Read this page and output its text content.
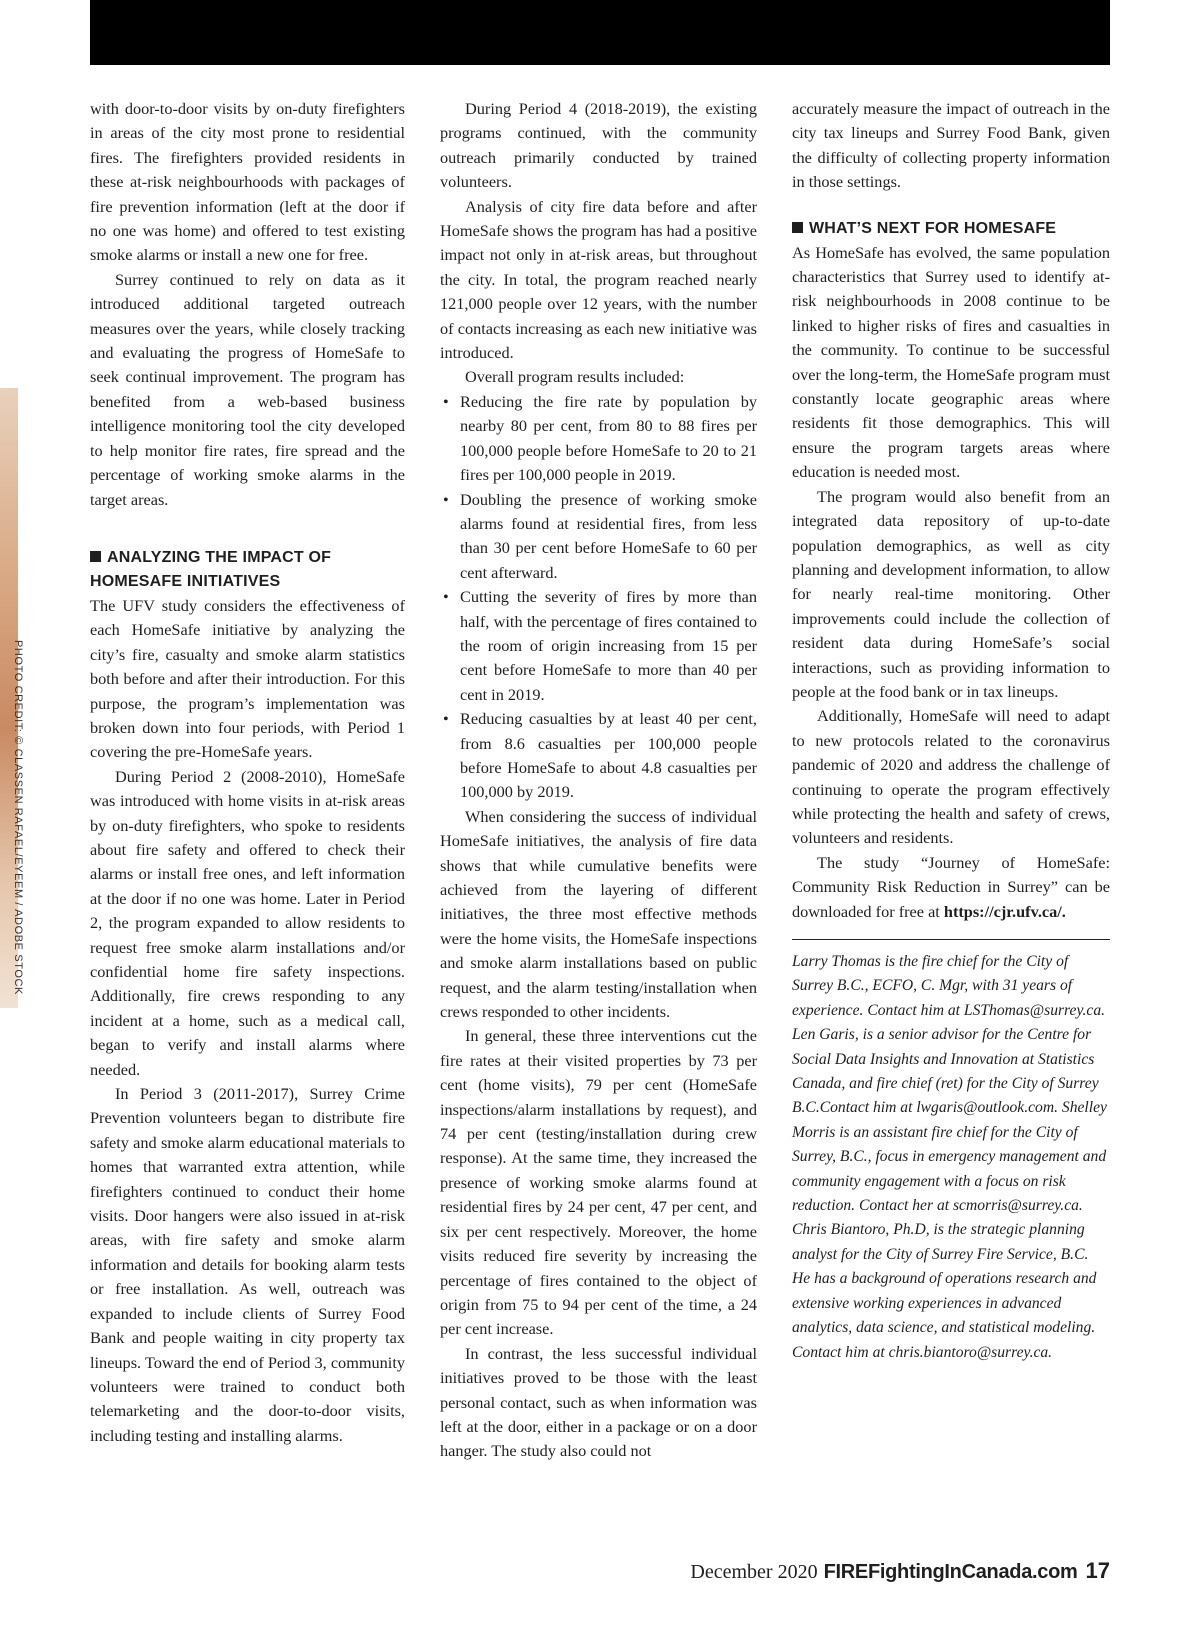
PHOTO CREDIT: © CLASSEN RAFAEL/EYEEM / ADOBE STOCK

with door-to-door visits by on-duty firefighters in areas of the city most prone to residential fires. The firefighters provided residents in these at-risk neighbourhoods with packages of fire prevention information (left at the door if no one was home) and offered to test existing smoke alarms or install a new one for free.

Surrey continued to rely on data as it introduced additional targeted outreach measures over the years, while closely tracking and evaluating the progress of HomeSafe to seek continual improvement. The program has benefited from a web-based business intelligence monitoring tool the city developed to help monitor fire rates, fire spread and the percentage of working smoke alarms in the target areas.

ANALYZING THE IMPACT OF HOMESAFE INITIATIVES

The UFV study considers the effectiveness of each HomeSafe initiative by analyzing the city’s fire, casualty and smoke alarm statistics both before and after their introduction. For this purpose, the program’s implementation was broken down into four periods, with Period 1 covering the pre-HomeSafe years.

During Period 2 (2008-2010), HomeSafe was introduced with home visits in at-risk areas by on-duty firefighters, who spoke to residents about fire safety and offered to check their alarms or install free ones, and left information at the door if no one was home. Later in Period 2, the program expanded to allow residents to request free smoke alarm installations and/or confidential home fire safety inspections. Additionally, fire crews responding to any incident at a home, such as a medical call, began to verify and install alarms where needed.

In Period 3 (2011-2017), Surrey Crime Prevention volunteers began to distribute fire safety and smoke alarm educational materials to homes that warranted extra attention, while firefighters continued to conduct their home visits. Door hangers were also issued in at-risk areas, with fire safety and smoke alarm information and details for booking alarm tests or free installation. As well, outreach was expanded to include clients of Surrey Food Bank and people waiting in city property tax lineups. Toward the end of Period 3, community volunteers were trained to conduct both telemarketing and the door-to-door visits, including testing and installing alarms.

During Period 4 (2018-2019), the existing programs continued, with the community outreach primarily conducted by trained volunteers.

Analysis of city fire data before and after HomeSafe shows the program has had a positive impact not only in at-risk areas, but throughout the city. In total, the program reached nearly 121,000 people over 12 years, with the number of contacts increasing as each new initiative was introduced.

Overall program results included:

• Reducing the fire rate by population by nearby 80 per cent, from 80 to 88 fires per 100,000 people before HomeSafe to 20 to 21 fires per 100,000 people in 2019.
• Doubling the presence of working smoke alarms found at residential fires, from less than 30 per cent before HomeSafe to 60 per cent afterward.
• Cutting the severity of fires by more than half, with the percentage of fires contained to the room of origin increasing from 15 per cent before HomeSafe to more than 40 per cent in 2019.
• Reducing casualties by at least 40 per cent, from 8.6 casualties per 100,000 people before HomeSafe to about 4.8 casualties per 100,000 by 2019.

When considering the success of individual HomeSafe initiatives, the analysis of fire data shows that while cumulative benefits were achieved from the layering of different initiatives, the three most effective methods were the home visits, the HomeSafe inspections and smoke alarm installations based on public request, and the alarm testing/installation when crews responded to other incidents.

In general, these three interventions cut the fire rates at their visited properties by 73 per cent (home visits), 79 per cent (HomeSafe inspections/alarm installations by request), and 74 per cent (testing/installation during crew response). At the same time, they increased the presence of working smoke alarms found at residential fires by 24 per cent, 47 per cent, and six per cent respectively. Moreover, the home visits reduced fire severity by increasing the percentage of fires contained to the object of origin from 75 to 94 per cent of the time, a 24 per cent increase.

In contrast, the less successful individual initiatives proved to be those with the least personal contact, such as when information was left at the door, either in a package or on a door hanger. The study also could not

accurately measure the impact of outreach in the city tax lineups and Surrey Food Bank, given the difficulty of collecting property information in those settings.

WHAT’S NEXT FOR HOMESAFE

As HomeSafe has evolved, the same population characteristics that Surrey used to identify at-risk neighbourhoods in 2008 continue to be linked to higher risks of fires and casualties in the community. To continue to be successful over the long-term, the HomeSafe program must constantly locate geographic areas where residents fit those demographics. This will ensure the program targets areas where education is needed most.

The program would also benefit from an integrated data repository of up-to-date population demographics, as well as city planning and development information, to allow for nearly real-time monitoring. Other improvements could include the collection of resident data during HomeSafe’s social interactions, such as providing information to people at the food bank or in tax lineups.

Additionally, HomeSafe will need to adapt to new protocols related to the coronavirus pandemic of 2020 and address the challenge of continuing to operate the program effectively while protecting the health and safety of crews, volunteers and residents.

The study “Journey of HomeSafe: Community Risk Reduction in Surrey” can be downloaded for free at https://cjr.ufv.ca/.

Larry Thomas is the fire chief for the City of Surrey B.C., ECFO, C. Mgr, with 31 years of experience. Contact him at LSThomas@surrey.ca. Len Garis, is a senior advisor for the Centre for Social Data Insights and Innovation at Statistics Canada, and fire chief (ret) for the City of Surrey B.C.Contact him at lwgaris@outlook.com. Shelley Morris is an assistant fire chief for the City of Surrey, B.C., focus in emergency management and community engagement with a focus on risk reduction. Contact her at scmorris@surrey.ca. Chris Biantoro, Ph.D, is the strategic planning analyst for the City of Surrey Fire Service, B.C. He has a background of operations research and extensive working experiences in advanced analytics, data science, and statistical modeling. Contact him at chris.biantoro@surrey.ca.
December 2020 FIREFightingInCanada.com 17
